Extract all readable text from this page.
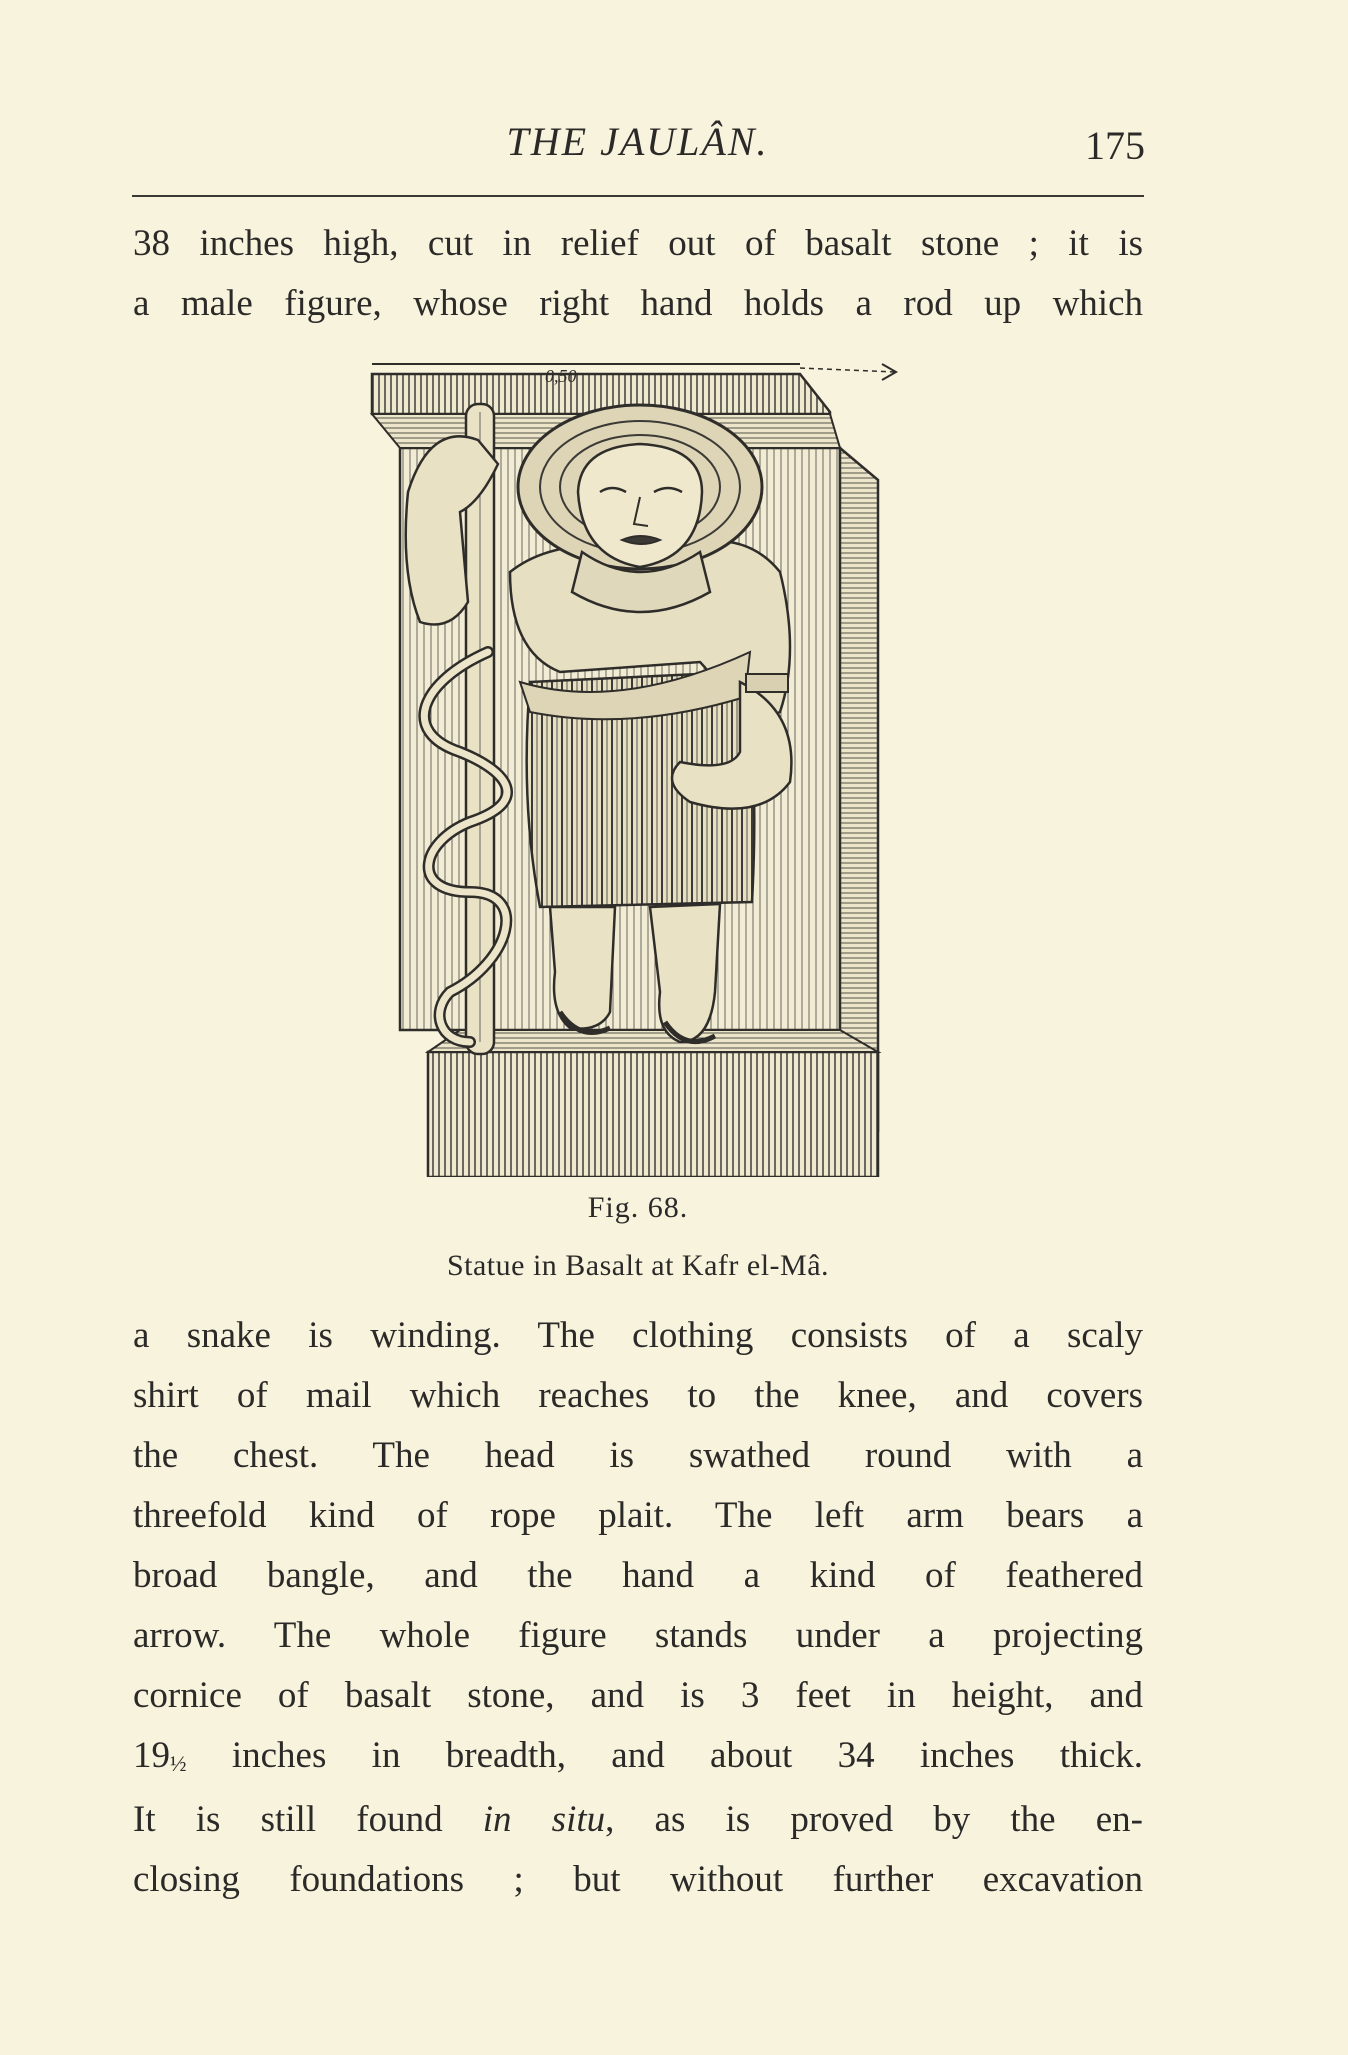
THE JAULÂN.	175
38 inches high, cut in relief out of basalt stone ; it is
a male figure, whose right hand holds a rod up which
0,50
Fig. 68.
Statue in Basalt at Kafr el-Mâ.
a snake is winding. The clothing consists of a scaly
shirt of mail which reaches to the knee, and covers
the chest. The head is swathed round with a
threefold kind of rope plait. The left arm bears a
broad bangle, and the hand a kind of feathered
arrow. The whole figure stands under a projecting
cornice of basalt stone, and is 3 feet in height, and
19½ inches in breadth, and about 34 inches thick.
It is still found in situ, as is proved by the en-
closing foundations ; but without further excavation
